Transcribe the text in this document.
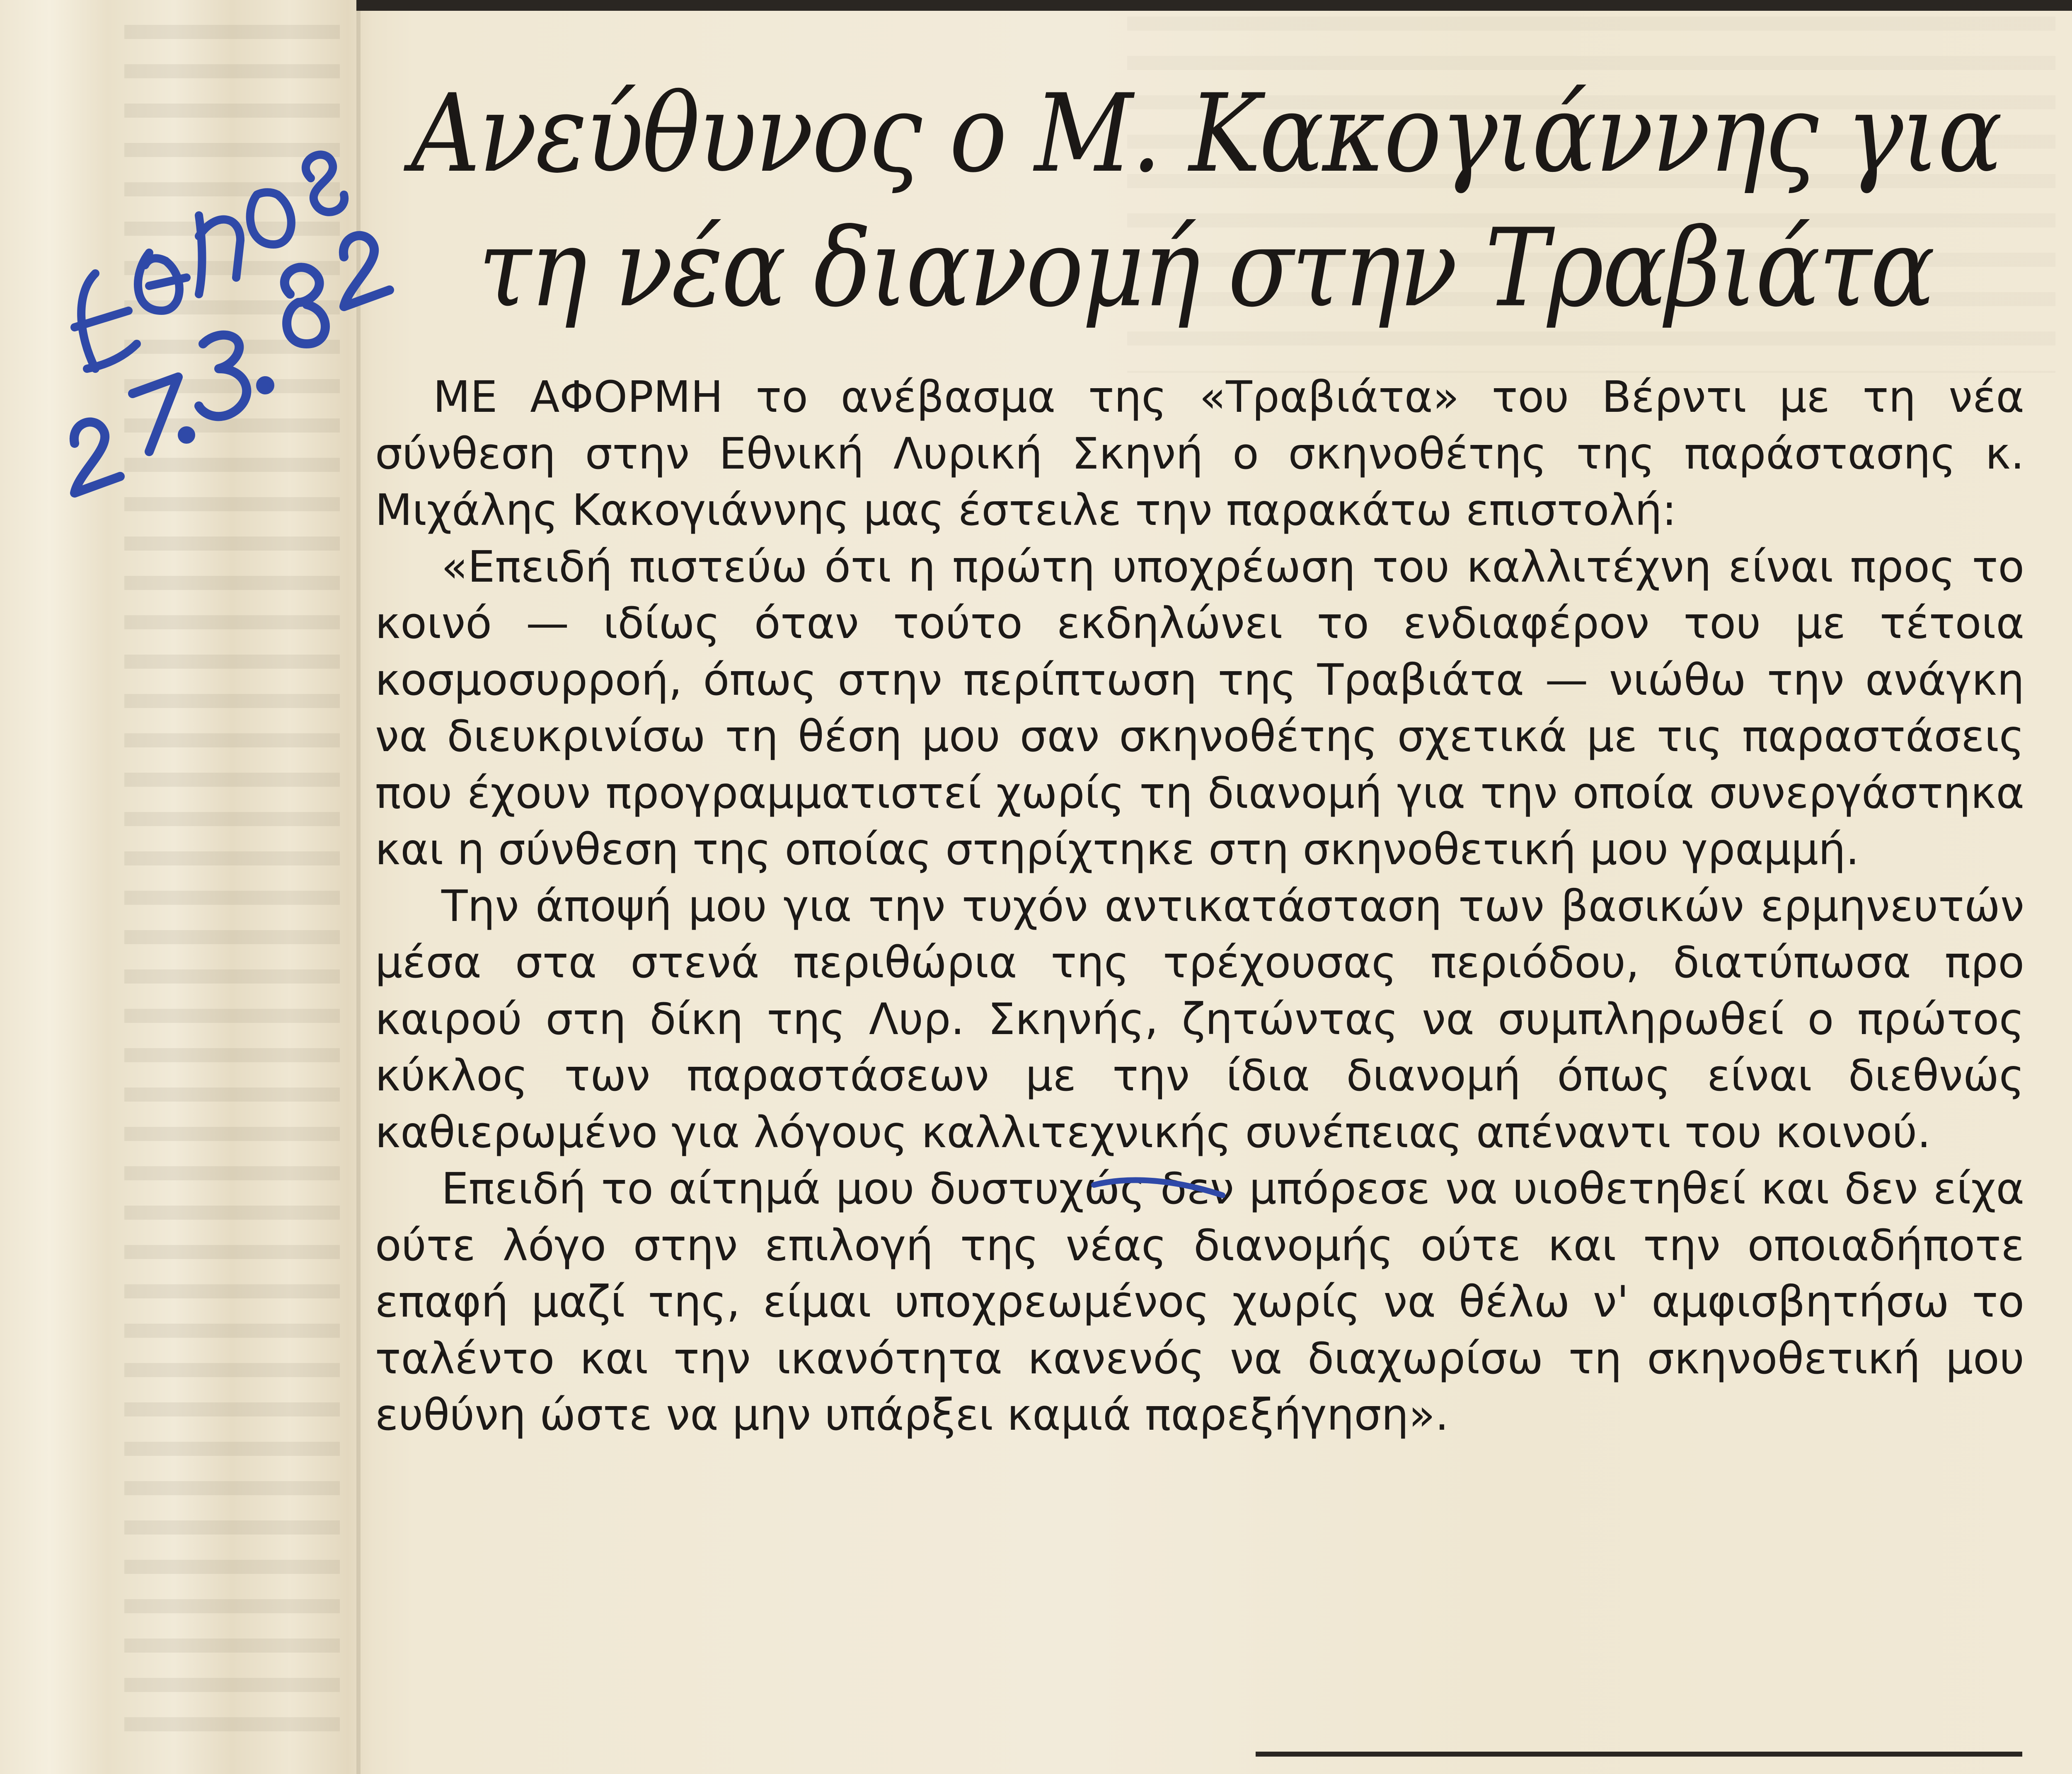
Ανεύθυνος ο Μ. Κακογιάννης για
τη νέα διανομή στην Τραβιάτα

ΜΕ ΑΦΟΡΜΗ το ανέβασμα της «Τραβιάτα» του Βέρντι με τη νέα σύνθεση στην Εθνική Λυρική Σκηνή ο σκηνοθέτης της παράστασης κ. Μιχάλης Κακογιάννης μας έστειλε την παρακάτω επιστολή:

«Επειδή πιστεύω ότι η πρώτη υποχρέωση του καλλιτέχνη είναι προς το κοινό — ιδίως όταν τούτο εκδηλώνει το ενδιαφέρον του με τέτοια κοσμοσυρροή, όπως στην περίπτωση της Τραβιάτα — νιώθω την ανάγκη να διευκρινίσω τη θέση μου σαν σκηνοθέτης σχετικά με τις παραστάσεις που έχουν προγραμματιστεί χωρίς τη διανομή για την οποία συνεργάστηκα και η σύνθεση της οποίας στηρίχτηκε στη σκηνοθετική μου γραμμή.

Την άποψή μου για την τυχόν αντικατάσταση των βασικών ερμηνευτών μέσα στα στενά περιθώρια της τρέχουσας περιόδου, διατύπωσα προ καιρού στη δίκη της Λυρ. Σκηνής, ζητώντας να συμπληρωθεί ο πρώτος κύκλος των παραστάσεων με την ίδια διανομή όπως είναι διεθνώς καθιερωμένο για λόγους καλλιτεχνικής συνέπειας απέναντι του κοινού.

Επειδή το αίτημά μου δυστυχώς δεν μπόρεσε να υιοθετηθεί και δεν είχα ούτε λόγο στην επιλογή της νέας διανομής ούτε και την οποιαδήποτε επαφή μαζί της, είμαι υποχρεωμένος χωρίς να θέλω ν' αμφισβητήσω το ταλέντο και την ικανότητα κανενός να διαχωρίσω τη σκηνοθετική μου ευθύνη ώστε να μην υπάρξει καμιά παρεξήγηση».
